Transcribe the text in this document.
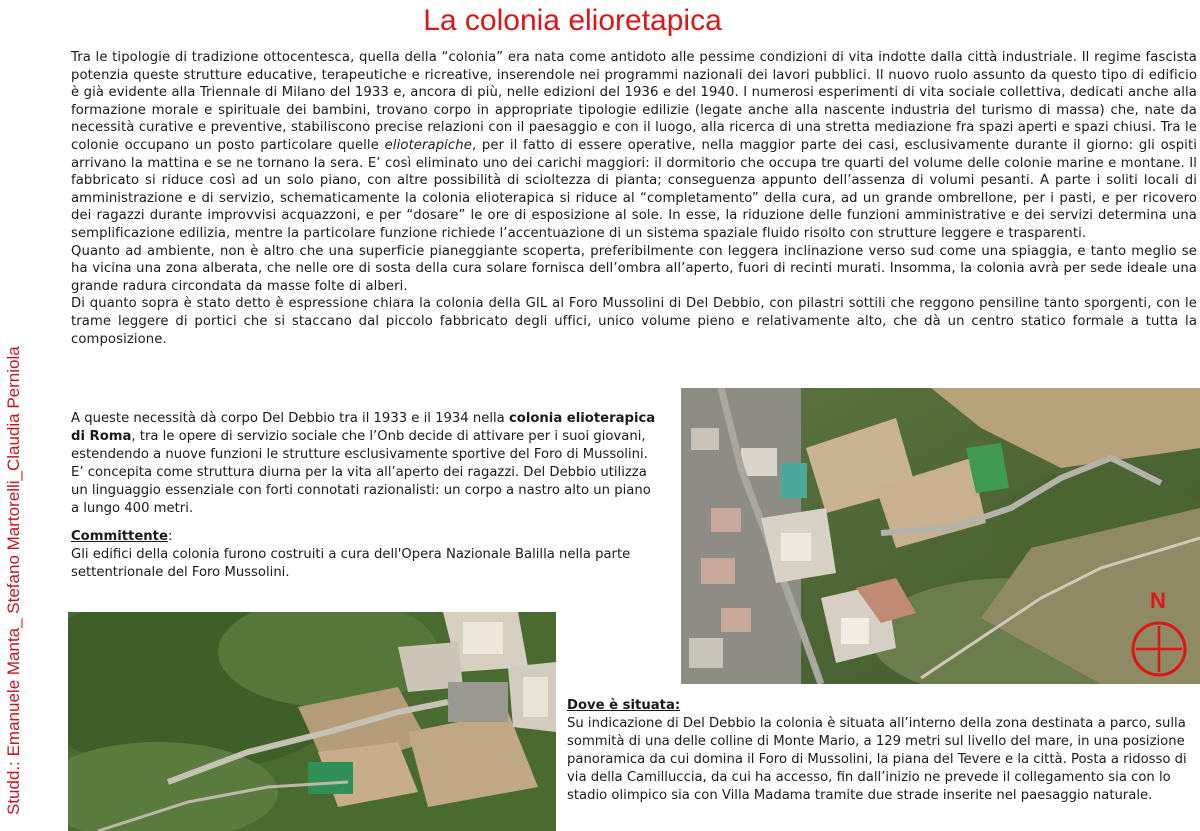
La colonia elioretapica
Studd.: Emanuele Manta_ Stefano Martorelli_Claudia Perniola

Tra le tipologie di tradizione ottocentesca, quella della “colonia” era nata come antidoto alle pessime condizioni di vita indotte dalla città industriale. Il regime fascista potenzia queste strutture educative, terapeutiche e ricreative, inserendole nei programmi nazionali dei lavori pubblici. Il nuovo ruolo assunto da questo tipo di edificio è già evidente alla Triennale di Milano del 1933 e, ancora di più, nelle edizioni del 1936 e del 1940. I numerosi esperimenti di vita sociale collettiva, dedicati anche alla formazione morale e spirituale dei bambini, trovano corpo in appropriate tipologie edilizie (legate anche alla nascente industria del turismo di massa) che, nate da necessità curative e preventive, stabiliscono precise relazioni con il paesaggio e con il luogo, alla ricerca di una stretta mediazione fra spazi aperti e spazi chiusi. Tra le colonie occupano un posto particolare quelle elioterapiche, per il fatto di essere operative, nella maggior parte dei casi, esclusivamente durante il giorno: gli ospiti arrivano la mattina e se ne tornano la sera. E’ così eliminato uno dei carichi maggiori: il dormitorio che occupa tre quarti del volume delle colonie marine e montane. Il fabbricato si riduce così ad un solo piano, con altre possibilità di scioltezza di pianta; conseguenza appunto dell’assenza di volumi pesanti. A parte i soliti locali di amministrazione e di servizio, schematicamente la colonia elioterapica si riduce al “completamento” della cura, ad un grande ombrellone, per i pasti, e per ricovero dei ragazzi durante improvvisi acquazzoni, e per “dosare” le ore di esposizione al sole. In esse, la riduzione delle funzioni amministrative e dei servizi determina una semplificazione edilizia, mentre la particolare funzione richiede l’accentuazione di un sistema spaziale fluido risolto con strutture leggere e trasparenti.

Quanto ad ambiente, non è altro che una superficie pianeggiante scoperta, preferibilmente con leggera inclinazione verso sud come una spiaggia, e tanto meglio se ha vicina una zona alberata, che nelle ore di sosta della cura solare fornisca dell’ombra all’aperto, fuori di recinti murati. Insomma, la colonia avrà per sede ideale una grande radura circondata da masse folte di alberi.

Di quanto sopra è stato detto è espressione chiara la colonia della GIL al Foro Mussolini di Del Debbio, con pilastri sottili che reggono pensiline tanto sporgenti, con le trame leggere di portici che si staccano dal piccolo fabbricato degli uffici, unico volume pieno e relativamente alto, che dà un centro statico formale a tutta la composizione.

A queste necessità dà corpo Del Debbio tra il 1933 e il 1934 nella colonia elioterapica di Roma, tra le opere di servizio sociale che l’Onb decide di attivare per i suoi giovani, estendendo a nuove funzioni le strutture esclusivamente sportive del Foro di Mussolini. E’ concepita come struttura diurna per la vita all’aperto dei ragazzi. Del Debbio utilizza un linguaggio essenziale con forti connotati razionalisti: un corpo a nastro alto un piano a lungo 400 metri.

Committente:

Gli edifici della colonia furono costruiti a cura dell'Opera Nazionale Balilla nella parte settentrionale del Foro Mussolini.

N

Dove è situata:

Su indicazione di Del Debbio la colonia è situata all’interno della zona destinata a parco, sulla sommità di una delle colline di Monte Mario, a 129 metri sul livello del mare, in una posizione panoramica da cui domina il Foro di Mussolini, la piana del Tevere e la città. Posta a ridosso di via della Camilluccia, da cui ha accesso, fin dall’inizio ne prevede il collegamento sia con lo stadio olimpico sia con Villa Madama tramite due strade inserite nel paesaggio naturale.
